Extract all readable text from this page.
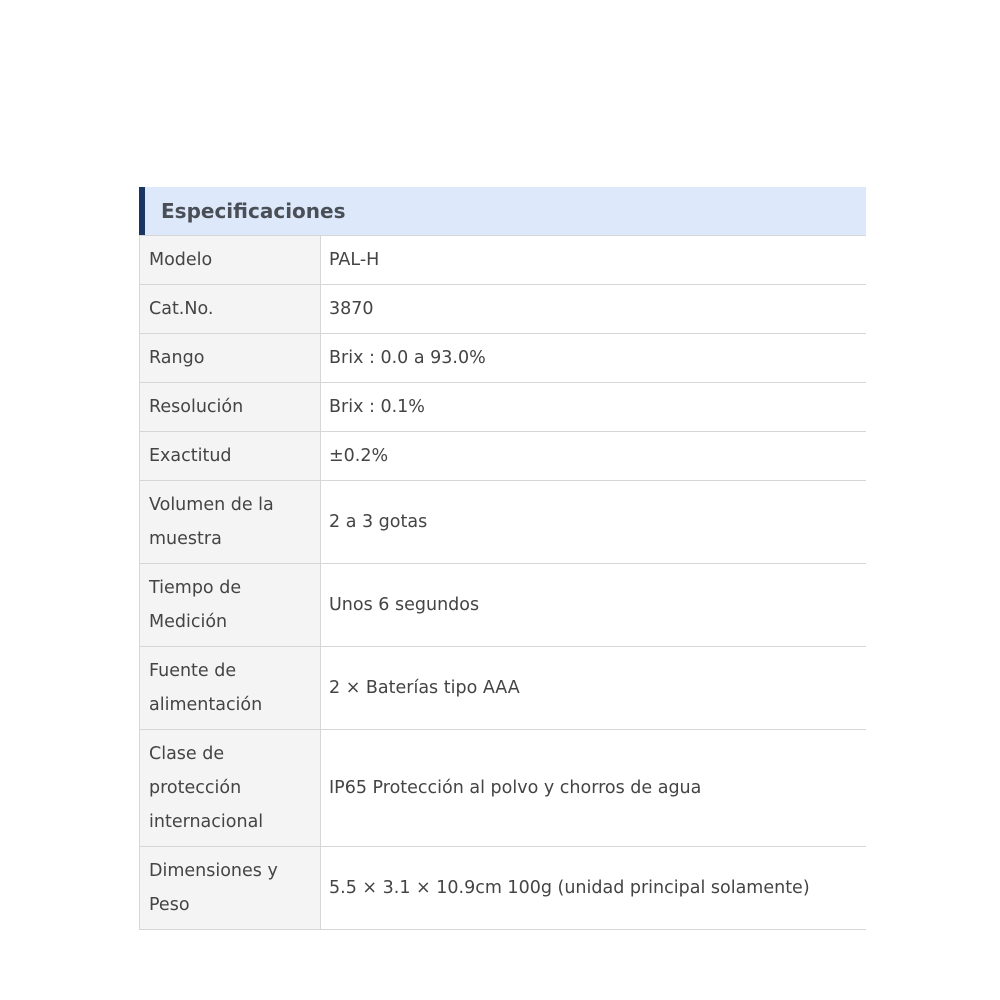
Especificaciones
Modelo	PAL-H
Cat.No.	3870
Rango	Brix : 0.0 a 93.0%
Resolución	Brix : 0.1%
Exactitud	±0.2%
Volumen de la muestra	2 a 3 gotas
Tiempo de Medición	Unos 6 segundos
Fuente de alimentación	2 × Baterías tipo AAA
Clase de protección internacional	IP65 Protección al polvo y chorros de agua
Dimensiones y Peso	5.5 × 3.1 × 10.9cm 100g (unidad principal solamente)
